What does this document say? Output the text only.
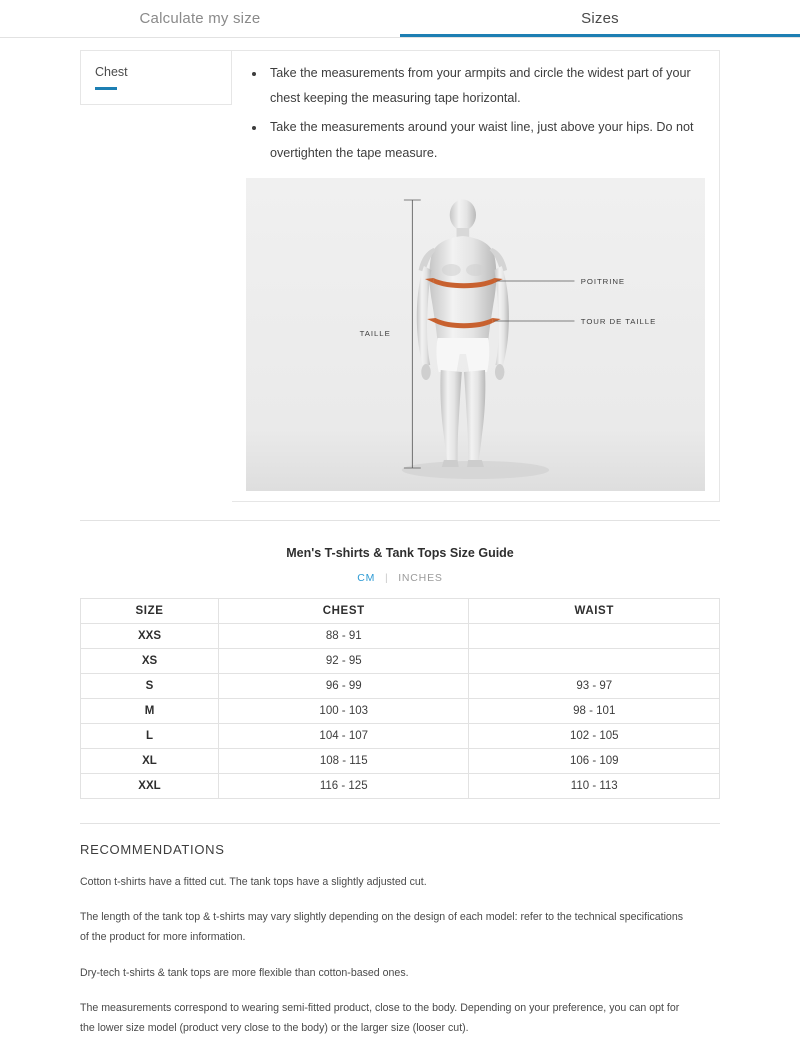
Calculate my size	Sizes
Chest	• Take the measurements from your armpits and circle the widest part of your chest keeping the measuring tape horizontal.
• Take the measurements around your waist line, just above your hips. Do not overtighten the tape measure.
POITRINE
TOUR DE TAILLE
TAILLE
Men's T-shirts & Tank Tops Size Guide
CM | INCHES
SIZE	CHEST	WAIST
XXS	88 - 91	
XS	92 - 95	
S	96 - 99	93 - 97
M	100 - 103	98 - 101
L	104 - 107	102 - 105
XL	108 - 115	106 - 109
XXL	116 - 125	110 - 113
RECOMMENDATIONS
Cotton t-shirts have a fitted cut. The tank tops have a slightly adjusted cut.
The length of the tank top & t-shirts may vary slightly depending on the design of each model: refer to the technical specifications of the product for more information.
Dry-tech t-shirts & tank tops are more flexible than cotton-based ones.
The measurements correspond to wearing semi-fitted product, close to the body. Depending on your preference, you can opt for the lower size model (product very close to the body) or the larger size (looser cut).
